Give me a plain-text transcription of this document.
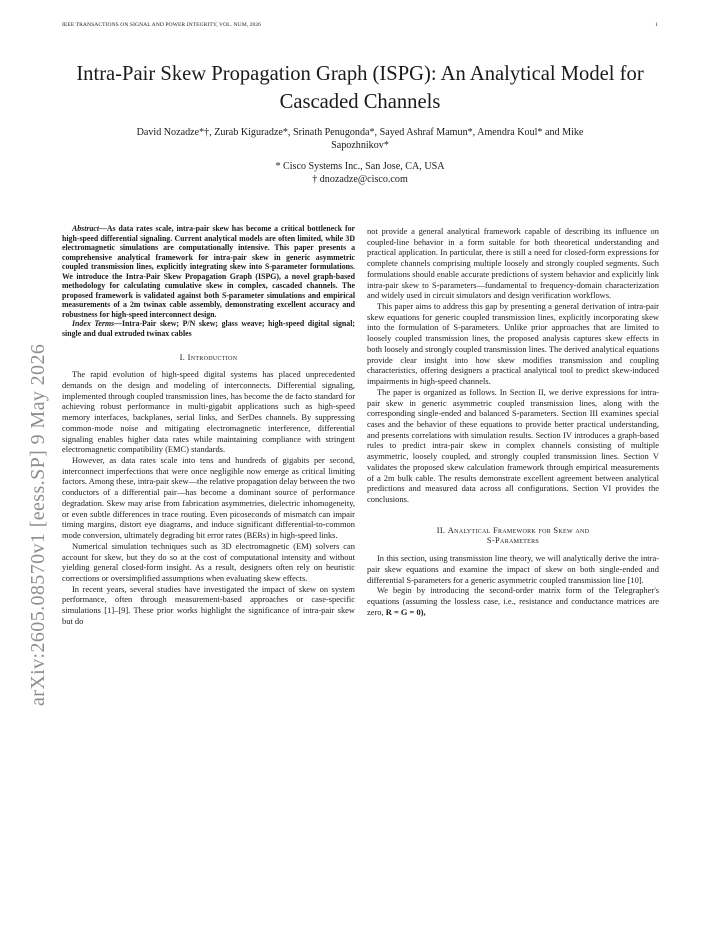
IEEE TRANSACTIONS ON SIGNAL AND POWER INTEGRITY, VOL. NUM, 2026	1
arXiv:2605.08570v1 [eess.SP] 9 May 2026
Intra-Pair Skew Propagation Graph (ISPG): An Analytical Model for
Cascaded Channels
David Nozadze*†, Zurab Kiguradze*, Srinath Penugonda*, Sayed Ashraf Mamun*, Amendra Koul* and Mike
Sapozhnikov*
* Cisco Systems Inc., San Jose, CA, USA
† dnozadze@cisco.com

Abstract—As data rates scale, intra-pair skew has become a critical bottleneck for high-speed differential signaling. Current analytical models are often limited, while 3D electromagnetic simulations are computationally intensive. This paper presents a comprehensive analytical framework for intra-pair skew in generic asymmetric coupled transmission lines, explicitly integrating skew into S-parameter formulations. We introduce the Intra-Pair Skew Propagation Graph (ISPG), a novel graph-based methodology for calculating cumulative skew in complex, cascaded channels. The proposed framework is validated against both S-parameter simulations and empirical measurements of a 2m twinax cable assembly, demonstrating excellent accuracy and robustness for high-speed interconnect design.

Index Terms—Intra-Pair skew; P/N skew; glass weave; high-speed digital signal; single and dual extruded twinax cables

I. Introduction

The rapid evolution of high-speed digital systems has placed unprecedented demands on the design and modeling of interconnects. Differential signaling, implemented through coupled transmission lines, has become the de facto standard for achieving robust performance in multi-gigabit applications such as high-speed memory interfaces, backplanes, serial links, and SerDes channels. By suppressing common-mode noise and mitigating electromagnetic interference, differential signaling enables higher data rates while maintaining compliance with stringent electromagnetic compatibility (EMC) standards.

However, as data rates scale into tens and hundreds of gigabits per second, interconnect imperfections that were once negligible now emerge as critical limiting factors. Among these, intra-pair skew—the relative propagation delay between the two conductors of a differential pair—has become a dominant source of performance degradation. Skew may arise from fabrication asymmetries, dielectric inhomogeneity, or even subtle differences in trace routing. Even picoseconds of mismatch can impair timing margins, distort eye diagrams, and induce significant differential-to-common mode conversion, ultimately degrading bit error rates (BERs) in high-speed links.

Numerical simulation techniques such as 3D electromagnetic (EM) solvers can account for skew, but they do so at the cost of computational intensity and without yielding general closed-form insight. As a result, designers often rely on heuristic corrections or oversimplified assumptions when evaluating skew effects.

In recent years, several studies have investigated the impact of skew on system performance, often through measurement-based approaches or case-specific simulations [1]–[9]. These prior works highlight the significance of intra-pair skew but do

not provide a general analytical framework capable of describing its influence on coupled-line behavior in a form suitable for both theoretical understanding and practical application. In particular, there is still a need for closed-form expressions for complete channels comprising multiple loosely and strongly coupled segments. Such formulations should enable accurate predictions of system behavior and explicitly link intra-pair skew to S-parameters—fundamental to frequency-domain characterization and widely used in circuit simulators and design verification workflows.

This paper aims to address this gap by presenting a general derivation of intra-pair skew equations for generic coupled transmission lines, explicitly incorporating skew into the formulation of S-parameters. Unlike prior approaches that are limited to loosely coupled transmission lines, the proposed analysis captures skew effects in both loosely and strongly coupled transmission lines. The derived analytical equations provide clear insight into how skew modifies transmission and coupling characteristics, offering designers a practical analytical tool to predict skew-induced impairments in high-speed channels.

The paper is organized as follows. In Section II, we derive expressions for intra-pair skew in generic asymmetric coupled transmission lines, along with the corresponding single-ended and balanced S-parameters. Section III examines special cases and the behavior of these equations to provide better practical understanding, and presents correlations with simulation results. Section IV introduces a graph-based rules to predict intra-pair skew in complex channels consisting of multiple asymmetric, loosely coupled, and strongly coupled transmission lines. Section V validates the proposed skew calculation framework through empirical measurements of a 2m bulk cable. The results demonstrate excellent agreement between analytical predictions and measured data across all configurations. Section VI provides the conclusions.

II. Analytical Framework for Skew and
S-Parameters

In this section, using transmission line theory, we will analytically derive the intra-pair skew equations and examine the impact of skew on both single-ended and differential S-parameters for a generic asymmetric coupled transmission line [10].

We begin by introducing the second-order matrix form of the Telegrapher's equations (assuming the lossless case, i.e., resistance and conductance matrices are zero, R = G = 0),
